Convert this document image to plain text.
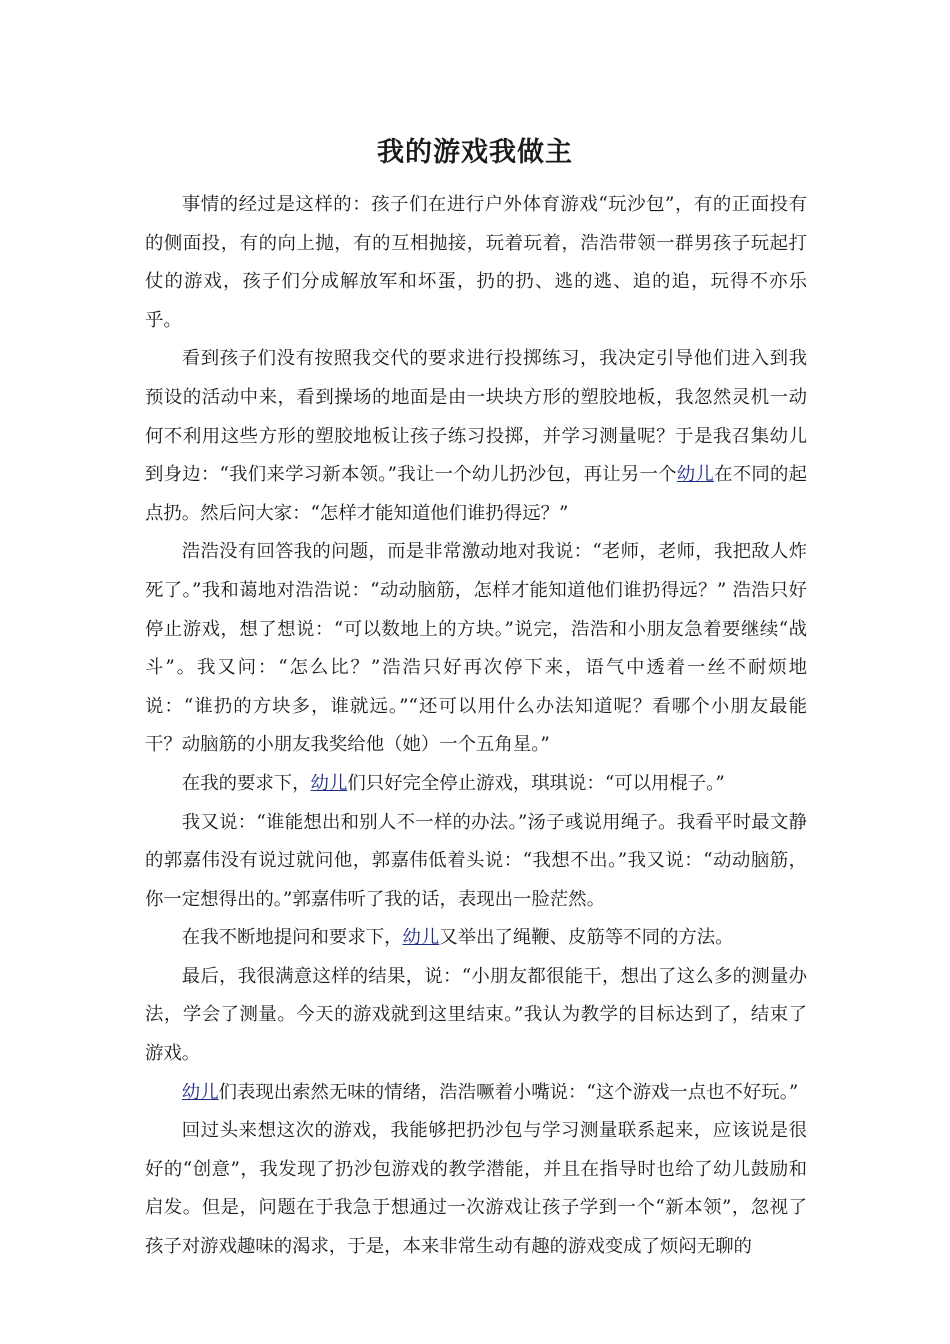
我的游戏我做主

事情的经过是这样的：孩子们在进行户外体育游戏“玩沙包”，有的正面投有的侧面投，有的向上抛，有的互相抛接，玩着玩着，浩浩带领一群男孩子玩起打仗的游戏，孩子们分成解放军和坏蛋，扔的扔、逃的逃、追的追，玩得不亦乐乎。

看到孩子们没有按照我交代的要求进行投掷练习，我决定引导他们进入到我预设的活动中来，看到操场的地面是由一块块方形的塑胶地板，我忽然灵机一动何不利用这些方形的塑胶地板让孩子练习投掷，并学习测量呢？于是我召集幼儿到身边：“我们来学习新本领。”我让一个幼儿扔沙包，再让另一个幼儿在不同的起点扔。然后问大家：“怎样才能知道他们谁扔得远？”

浩浩没有回答我的问题，而是非常激动地对我说：“老师，老师，我把敌人炸死了。”我和蔼地对浩浩说：“动动脑筋，怎样才能知道他们谁扔得远？” 浩浩只好停止游戏，想了想说：“可以数地上的方块。”说完，浩浩和小朋友急着要继续“战斗”。我又问：“怎么比？”浩浩只好再次停下来，语气中透着一丝不耐烦地说：“谁扔的方块多，谁就远。”“还可以用什么办法知道呢？看哪个小朋友最能干？动脑筋的小朋友我奖给他（她）一个五角星。”

在我的要求下，幼儿们只好完全停止游戏，琪琪说：“可以用棍子。”

我又说：“谁能想出和别人不一样的办法。”汤子彧说用绳子。我看平时最文静的郭嘉伟没有说过就问他，郭嘉伟低着头说：“我想不出。”我又说：“动动脑筋，你一定想得出的。”郭嘉伟听了我的话，表现出一脸茫然。

在我不断地提问和要求下，幼儿又举出了绳鞭、皮筋等不同的方法。

最后，我很满意这样的结果，说：“小朋友都很能干，想出了这么多的测量办法，学会了测量。今天的游戏就到这里结束。”我认为教学的目标达到了，结束了游戏。

幼儿们表现出索然无味的情绪，浩浩噘着小嘴说：“这个游戏一点也不好玩。”

回过头来想这次的游戏，我能够把扔沙包与学习测量联系起来，应该说是很好的“创意”，我发现了扔沙包游戏的教学潜能，并且在指导时也给了幼儿鼓励和启发。但是，问题在于我急于想通过一次游戏让孩子学到一个“新本领”，忽视了孩子对游戏趣味的渴求，于是，本来非常生动有趣的游戏变成了烦闷无聊的
